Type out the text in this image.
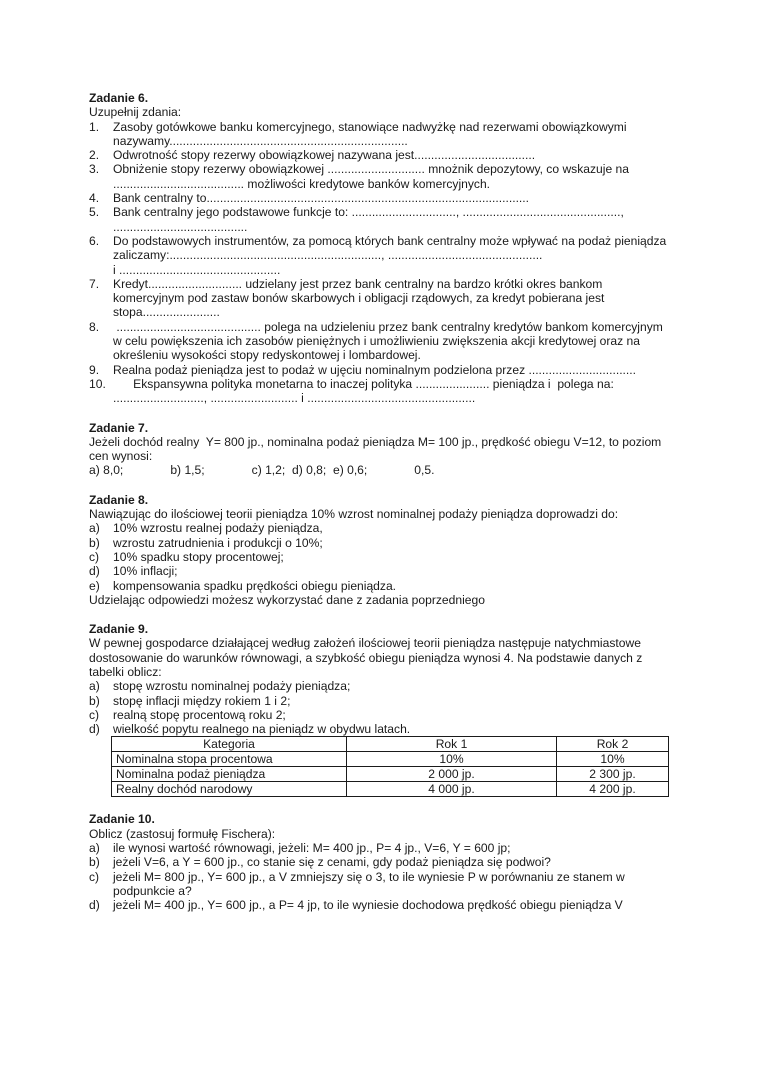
Zadanie 6.
Uzupełnij zdania:
1. Zasoby gotówkowe banku komercyjnego, stanowiące nadwyżkę nad rezerwami obowiązkowymi nazywamy.......................................................................
2. Odwrotność stopy rezerwy obowiązkowej nazywana jest....................................
3. Obniżenie stopy rezerwy obowiązkowej ............................. mnożnik depozytowy, co wskazuje na ....................................... możliwości kredytowe banków komercyjnych.
4. Bank centralny to................................................................................................
5. Bank centralny jego podstawowe funkcje to: ..............................., ..............................................., ........................................
6. Do podstawowych instrumentów, za pomocą których bank centralny może wpływać na podaż pieniądza zaliczamy:..............................................................., ..............................................
i ................................................
7. Kredyt............................ udzielany jest przez bank centralny na bardzo krótki okres bankom komercyjnym pod zastaw bonów skarbowych i obligacji rządowych, za kredyt pobierana jest stopa.......................
8. ........................................... polega na udzieleniu przez bank centralny kredytów bankom komercyjnym w celu powiększenia ich zasobów pieniężnych i umożliwieniu zwiększenia akcji kredytowej oraz na określeniu wysokości stopy redyskontowej i lombardowej.
9. Realna podaż pieniądza jest to podaż w ujęciu nominalnym podzielona przez ................................
10. Ekspansywna polityka monetarna to inaczej polityka ...................... pieniądza i  polega na: ..........................., .......................... i ..................................................
Zadanie 7.
Jeżeli dochód realny  Y= 800 jp., nominalna podaż pieniądza M= 100 jp., prędkość obiegu V=12, to poziom cen wynosi:
a) 8,0;              b) 1,5;              c) 1,2;  d) 0,8;  e) 0,6;              0,5.
Zadanie 8.
Nawiązując do ilościowej teorii pieniądza 10% wzrost nominalnej podaży pieniądza doprowadzi do:
a) 10% wzrostu realnej podaży pieniądza,
b) wzrostu zatrudnienia i produkcji o 10%;
c) 10% spadku stopy procentowej;
d) 10% inflacji;
e) kompensowania spadku prędkości obiegu pieniądza.
Udzielając odpowiedzi możesz wykorzystać dane z zadania poprzedniego
Zadanie 9.
W pewnej gospodarce działającej według założeń ilościowej teorii pieniądza następuje natychmiastowe dostosowanie do warunków równowagi, a szybkość obiegu pieniądza wynosi 4. Na podstawie danych z tabelki oblicz:
a) stopę wzrostu nominalnej podaży pieniądza;
b) stopę inflacji między rokiem 1 i 2;
c) realną stopę procentową roku 2;
d) wielkość popytu realnego na pieniądz w obydwu latach.
Kategoria	Rok 1	Rok 2
Nominalna stopa procentowa	10%	10%
Nominalna podaż pieniądza	2 000 jp.	2 300 jp.
Realny dochód narodowy	4 000 jp.	4 200 jp.
Zadanie 10.
Oblicz (zastosuj formułę Fischera):
a) ile wynosi wartość równowagi, jeżeli: M= 400 jp., P= 4 jp., V=6, Y = 600 jp;
b) jeżeli V=6, a Y = 600 jp., co stanie się z cenami, gdy podaż pieniądza się podwoi?
c) jeżeli M= 800 jp., Y= 600 jp., a V zmniejszy się o 3, to ile wyniesie P w porównaniu ze stanem w podpunkcie a?
d) jeżeli M= 400 jp., Y= 600 jp., a P= 4 jp, to ile wyniesie dochodowa prędkość obiegu pieniądza V
